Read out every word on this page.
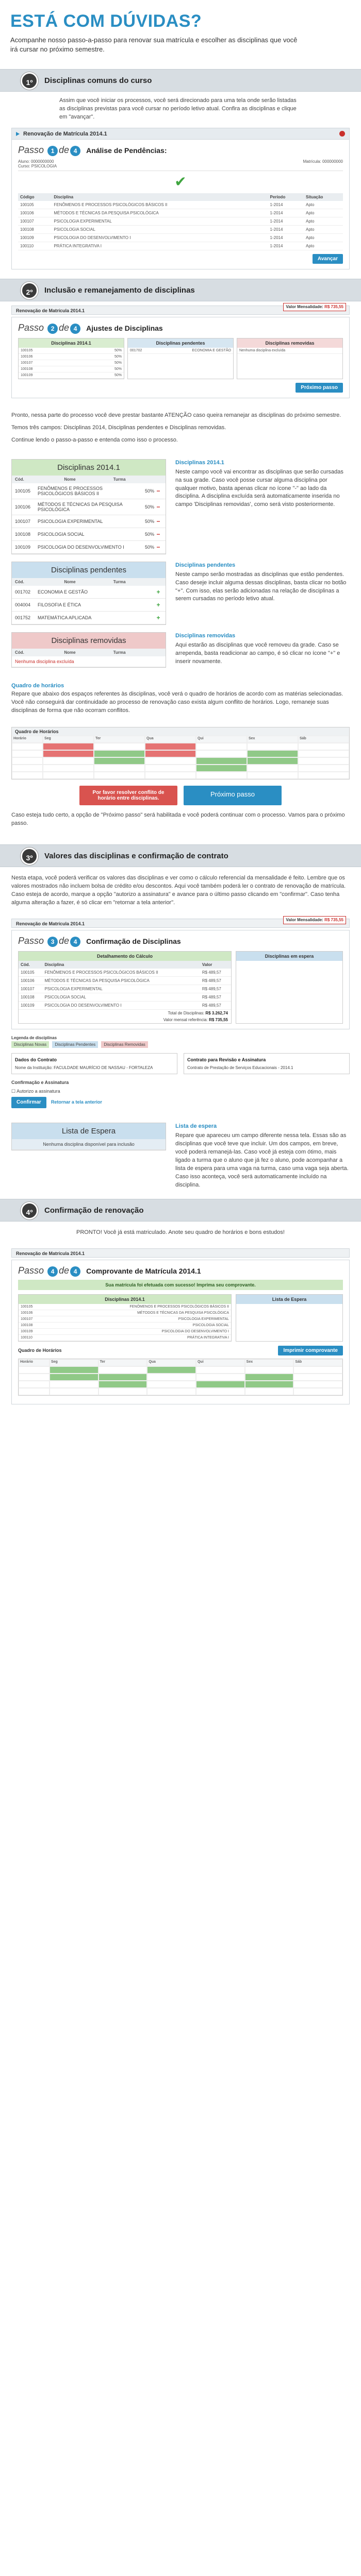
ESTÁ COM DÚVIDAS?

Acompanhe nosso passo-a-passo para renovar sua matrícula e escolher as disciplinas que você irá cursar no próximo semestre.

1º	Disciplinas comuns do curso
Assim que você iniciar os processos, você será direcionado para uma tela onde serão listadas as disciplinas previstas para você cursar no período letivo atual. Confira as disciplinas e clique em "avançar".
Renovação de Matrícula 2014.1
Passo 1 de 4 Análise de Pendências:
Aluno: 0000000000
Curso: PSICOLOGIA
Matrícula: 000000000
✔
Código	Disciplina	Período	Situação
100105	FENÔMENOS E PROCESSOS PSICOLÓGICOS BÁSICOS II	1-2014	Apto
100106	MÉTODOS E TÉCNICAS DA PESQUISA PSICOLÓGICA	1-2014	Apto
100107	PSICOLOGIA EXPERIMENTAL	1-2014	Apto
100108	PSICOLOGIA SOCIAL	1-2014	Apto
100109	PSICOLOGIA DO DESENVOLVIMENTO I	1-2014	Apto
100110	PRÁTICA INTEGRATIVA I	1-2014	Apto
Avançar
2º	Inclusão e remanejamento de disciplinas
Renovação de Matrícula 2014.1
Valor Mensalidade: R$ 735,55
Passo 2 de 4 Ajustes de Disciplinas
Disciplinas 2014.1
100105	50%
100106	50%
100107	50%
100108	50%
100109	50%
Disciplinas pendentes
001702	ECONOMIA E GESTÃO
Disciplinas removidas
Nenhuma disciplina excluída
Próximo passo

Pronto, nessa parte do processo você deve prestar bastante ATENÇÃO caso queira remanejar as disciplinas do próximo semestre.

Temos três campos: Disciplinas 2014, Disciplinas pendentes e Disciplinas removidas.

Continue lendo o passo-a-passo e entenda como isso o processo.

Disciplinas 2014.1
Cód.	Nome	Turma
100105	FENÔMENOS E PROCESSOS PSICOLÓGICOS BÁSICOS II	50% −
100106	MÉTODOS E TÉCNICAS DA PESQUISA PSICOLÓGICA	50% −
100107	PSICOLOGIA EXPERIMENTAL	50% −
100108	PSICOLOGIA SOCIAL	50% −
100109	PSICOLOGIA DO DESENVOLVIMENTO I	50% −
Disciplinas 2014.1

Neste campo você vai encontrar as disciplinas que serão cursadas na sua grade. Caso você posse cursar alguma disciplina por qualquer motivo, basta apenas clicar no ícone "-" ao lado da disciplina. A disciplina excluída será automaticamente inserida no campo 'Disciplinas removidas', como será visto posteriormente.

Disciplinas pendentes
Cód.	Nome	Turma
001702	ECONOMIA E GESTÃO	+
004004	FILOSOFIA E ÉTICA	+
001752	MATEMÁTICA APLICADA	+
Disciplinas pendentes

Neste campo serão mostradas as disciplinas que estão pendentes. Caso deseje incluir alguma dessas disciplinas, basta clicar no botão "+". Com isso, elas serão adicionadas na relação de disciplinas a serem cursadas no período letivo atual.

Disciplinas removidas
Cód.	Nome	Turma
Nenhuma disciplina excluída
Disciplinas removidas

Aqui estarão as disciplinas que você removeu da grade. Caso se arrependa, basta readicionar ao campo, é só clicar no ícone "+" e inserir novamente.

Quadro de horários

Repare que abaixo dos espaços referentes às disciplinas, você verá o quadro de horários de acordo com as matérias selecionadas. Você não conseguirá dar continuidade ao processo de renovação caso exista algum conflito de horários. Logo, remaneje suas disciplinas de forma que não ocorram conflitos.

Quadro de Horários
Horário	Seg	Ter	Qua	Qui	Sex	Sáb
Por favor resolver conflito de horário entre disciplinas.
Próximo passo
Caso esteja tudo certo, a opção de "Próximo passo" será habilitada e você poderá continuar com o processo. Vamos para o próximo passo.
3º	Valores das disciplinas e confirmação de contrato
Nesta etapa, você poderá verificar os valores das disciplinas e ver como o cálculo referencial da mensalidade é feito. Lembre que os valores mostrados não incluem bolsa de crédito e/ou descontos. Aqui você também poderá ler o contrato de renovação de matrícula. Caso esteja de acordo, marque a opção "autorizo a assinatura" e avance para o último passo clicando em "confirmar". Caso tenha alguma alteração a fazer, é só clicar em "retornar a tela anterior".
Renovação de Matrícula 2014.1
Valor Mensalidade: R$ 735,55
Passo 3 de 4 Confirmação de Disciplinas
Detalhamento do Cálculo
Cód.	Disciplina	Valor
100105	FENÔMENOS E PROCESSOS PSICOLÓGICOS BÁSICOS II	R$ 489,57
100106	MÉTODOS E TÉCNICAS DA PESQUISA PSICOLÓGICA	R$ 489,57
100107	PSICOLOGIA EXPERIMENTAL	R$ 489,57
100108	PSICOLOGIA SOCIAL	R$ 489,57
100109	PSICOLOGIA DO DESENVOLVIMENTO I	R$ 489,57
Total de Disciplinas: R$ 3.262,74
Valor mensal referência: R$ 735,55
Disciplinas em espera
Legenda de disciplinas
Disciplinas Novas Disciplinas Pendentes Disciplinas Removidas
Dados do Contrato

Nome da Instituição: FACULDADE MAURÍCIO DE NASSAU - FORTALEZA

Contrato para Revisão e Assinatura

Contrato de Prestação de Serviços Educacionais - 2014.1

Confirmação e Assinatura
☐ Autorizo a assinatura
Confirmar Retornar a tela anterior
Lista de Espera
Nenhuma disciplina disponível para inclusão
Lista de espera

Repare que apareceu um campo diferente nessa tela. Essas são as disciplinas que você teve que incluir. Um dos campos, em breve, você poderá remanejá-las. Caso você já esteja com ótimo, mais ligado a turma que o aluno que já fez o aluno, pode acompanhar a lista de espera para uma vaga na turma, caso uma vaga seja aberta. Caso isso aconteça, você será automaticamente incluído na disciplina.

4º	Confirmação de renovação
PRONTO! Você já está matriculado. Anote seu quadro de horários e bons estudos!
Renovação de Matrícula 2014.1
Passo 4 de 4 Comprovante de Matrícula 2014.1
Sua matrícula foi efetuada com sucesso! Imprima seu comprovante.
Disciplinas 2014.1
100105	FENÔMENOS E PROCESSOS PSICOLÓGICOS BÁSICOS II
100106	MÉTODOS E TÉCNICAS DA PESQUISA PSICOLÓGICA
100107	PSICOLOGIA EXPERIMENTAL
100108	PSICOLOGIA SOCIAL
100109	PSICOLOGIA DO DESENVOLVIMENTO I
100110	PRÁTICA INTEGRATIVA I
Lista de Espera
Quadro de Horários	Imprimir comprovante
Horário	Seg	Ter	Qua	Qui	Sex	Sáb
